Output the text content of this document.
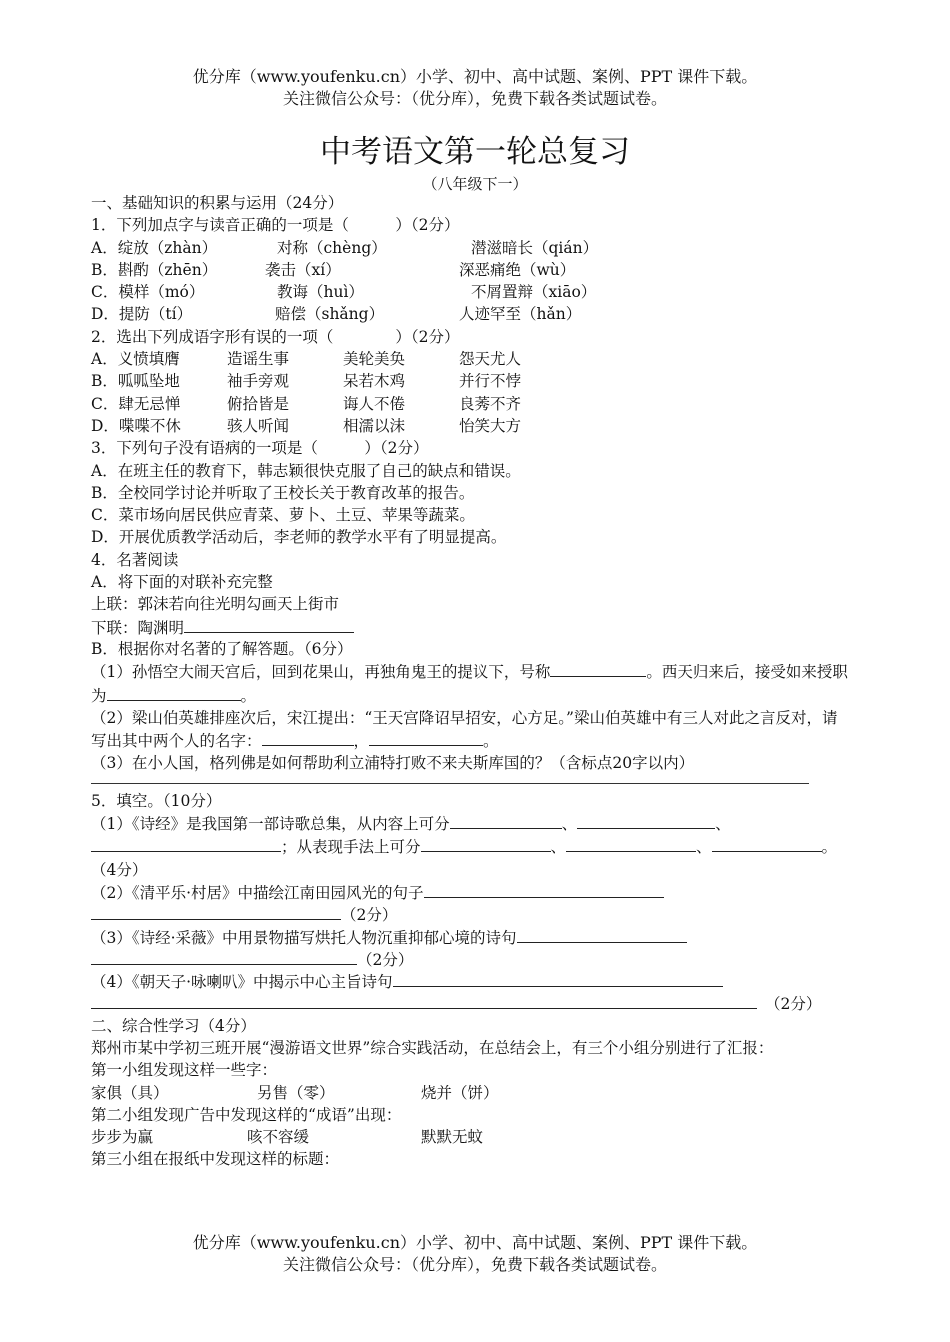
优分库（www.youfenku.cn）小学、初中、高中试题、案例、PPT 课件下载。
关注微信公众号：（优分库），免费下载各类试题试卷。
中考语文第一轮总复习
（八年级下一）
一、基础知识的积累与运用（24分）
1．下列加点字与读音正确的一项是（　　　）（2分）
A．绽放（zhàn）	对称（chèng）	潜滋暗长（qián）
B．斟酌（zhēn）	袭击（xí）	深恶痛绝（wù）
C．模样（mó）	教诲（huì）	不屑置辩（xiāo）
D．提防（tí）	赔偿（shǎng）	人迹罕至（hǎn）
2．选出下列成语字形有误的一项（　　　　）（2分）
A．义愤填膺	造谣生事	美轮美奂	怨天尤人
B．呱呱坠地	袖手旁观	呆若木鸡	并行不悖
C．肆无忌惮	俯拾皆是	诲人不倦	良莠不齐
D．喋喋不休	骇人听闻	相濡以沫	怡笑大方
3．下列句子没有语病的一项是（　　　）（2分）
A．在班主任的教育下，韩志颖很快克服了自己的缺点和错误。
B．全校同学讨论并听取了王校长关于教育改革的报告。
C．菜市场向居民供应青菜、萝卜、土豆、苹果等蔬菜。
D．开展优质教学活动后，李老师的教学水平有了明显提高。
4．名著阅读
A．将下面的对联补充完整
上联：郭沫若向往光明勾画天上街市
下联：陶渊明
B．根据你对名著的了解答题。（6分）
（1）孙悟空大闹天宫后，回到花果山，再独角鬼王的提议下，号称	。西天归来后，接受如来授职为	。
（2）梁山伯英雄排座次后，宋江提出：“王天宫降诏早招安，心方足。”梁山伯英雄中有三人对此之言反对，请写出其中两个人的名字：	，	。
（3）在小人国，格列佛是如何帮助利立浦特打败不来夫斯库国的？（含标点20字以内）
5．填空。（10分）
（1）《诗经》是我国第一部诗歌总集，从内容上可分	、	、；从表现手法上可分	、	、	。（4分）
（2）《清平乐·村居》中描绘江南田园风光的句子
（2分）
（3）《诗经·采薇》中用景物描写烘托人物沉重抑郁心境的诗句
（2分）
（4）《朝天子·咏喇叭》中揭示中心主旨诗句
（2分）
二、综合性学习（4分）
郑州市某中学初三班开展“漫游语文世界”综合实践活动，在总结会上，有三个小组分别进行了汇报：
第一小组发现这样一些字：
家俱（具）	另售（零）	烧并（饼）
第二小组发现广告中发现这样的“成语”出现：
步步为赢	咳不容缓	默默无蚊
第三小组在报纸中发现这样的标题：
优分库（www.youfenku.cn）小学、初中、高中试题、案例、PPT 课件下载。
关注微信公众号：（优分库），免费下载各类试题试卷。
